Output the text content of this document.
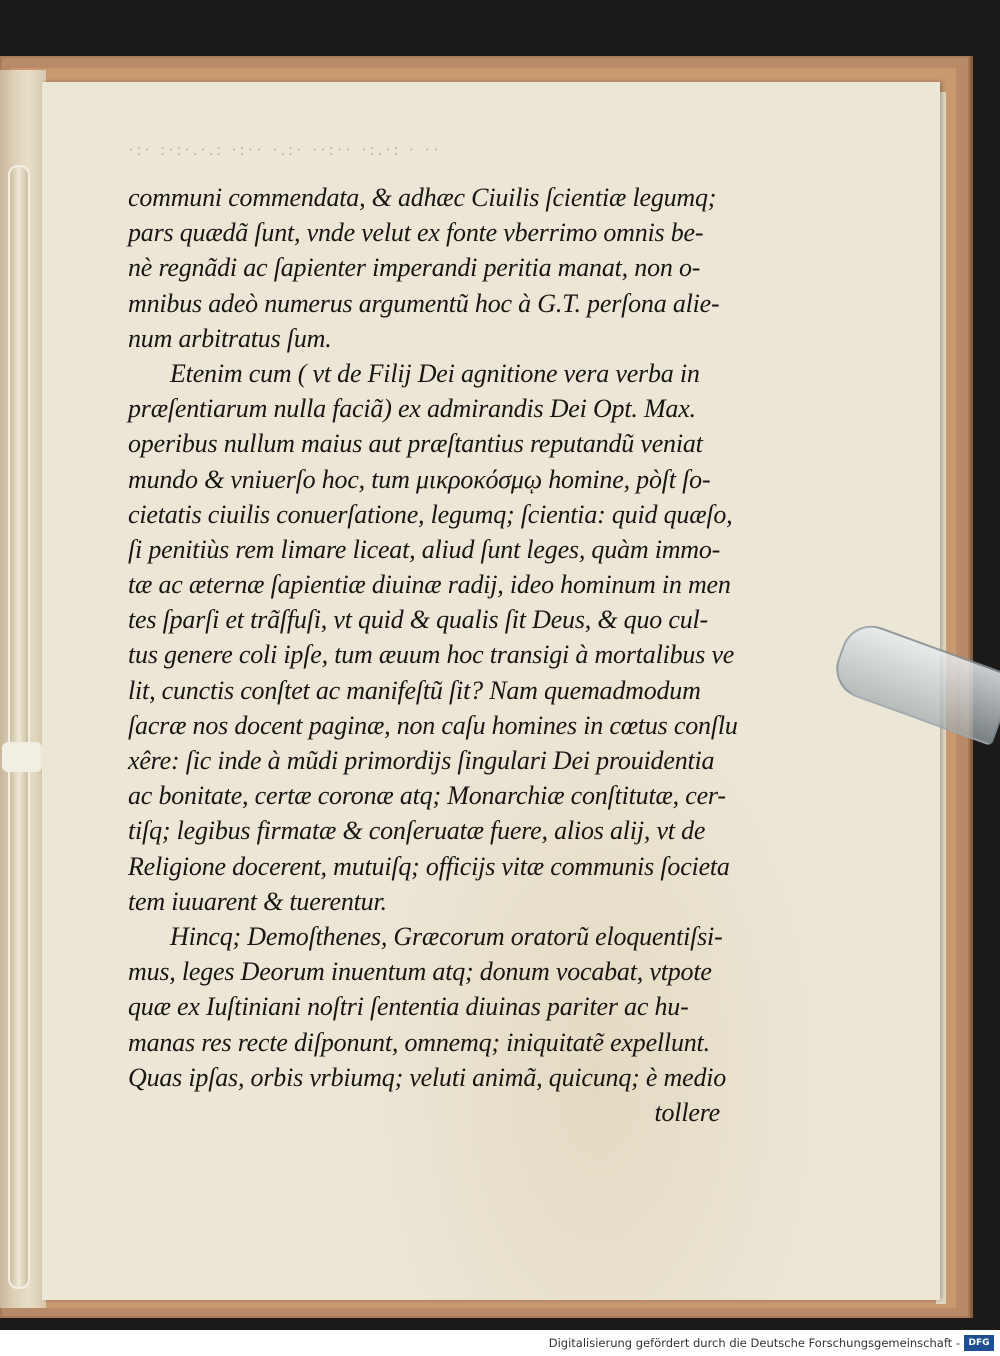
·:· :·:·.·.: ·:·· ·.:· ··:·· ·:.·: · ··
communi commendata, & adhæc Ciuilis ſcientiæ legumq;
pars quædã ſunt, vnde velut ex fonte vberrimo omnis be-
nè regnãdi ac ſapienter imperandi peritia manat, non o-
mnibus adeò numerus argumentũ hoc à G.T. perſona alie-
num arbitratus ſum.
Etenim cum ( vt de Filij Dei agnitione vera verba in
præſentiarum nulla faciã) ex admirandis Dei Opt. Max.
operibus nullum maius aut præſtantius reputandũ veniat
mundo & vniuerſo hoc, tum μικροκόσμῳ homine, pòſt ſo-
cietatis ciuilis conuerſatione, legumq; ſcientia: quid quæſo,
ſi penitiùs rem limare liceat, aliud ſunt leges, quàm immo-
tæ ac æternæ ſapientiæ diuinæ radij, ideo hominum in men
tes ſparſi et trãſfuſi, vt quid & qualis ſit Deus, & quo cul-
tus genere coli ipſe, tum æuum hoc transigi à mortalibus ve
lit, cunctis conſtet ac manifeſtũ ſit? Nam quemadmodum
ſacræ nos docent paginæ, non caſu homines in cœtus conſlu
xêre: ſic inde à mũdi primordijs ſingulari Dei prouidentia
ac bonitate, certæ coronæ atq; Monarchiæ conſtitutæ, cer-
tiſq; legibus firmatæ & conſeruatæ fuere, alios alij, vt de
Religione docerent, mutuiſq; officijs vitæ communis ſocieta
tem iuuarent & tuerentur.
Hincq; Demoſthenes, Græcorum oratorũ eloquentiſsi-
mus, leges Deorum inuentum atq; donum vocabat, vtpote
quæ ex Iuſtiniani noſtri ſententia diuinas pariter ac hu-
manas res recte diſponunt, omnemq; iniquitatẽ expellunt.
Quas ipſas, orbis vrbiumq; veluti animã, quicunq; è medio
tollere
Digitalisierung gefördert durch die Deutsche Forschungsgemeinschaft - DFG
